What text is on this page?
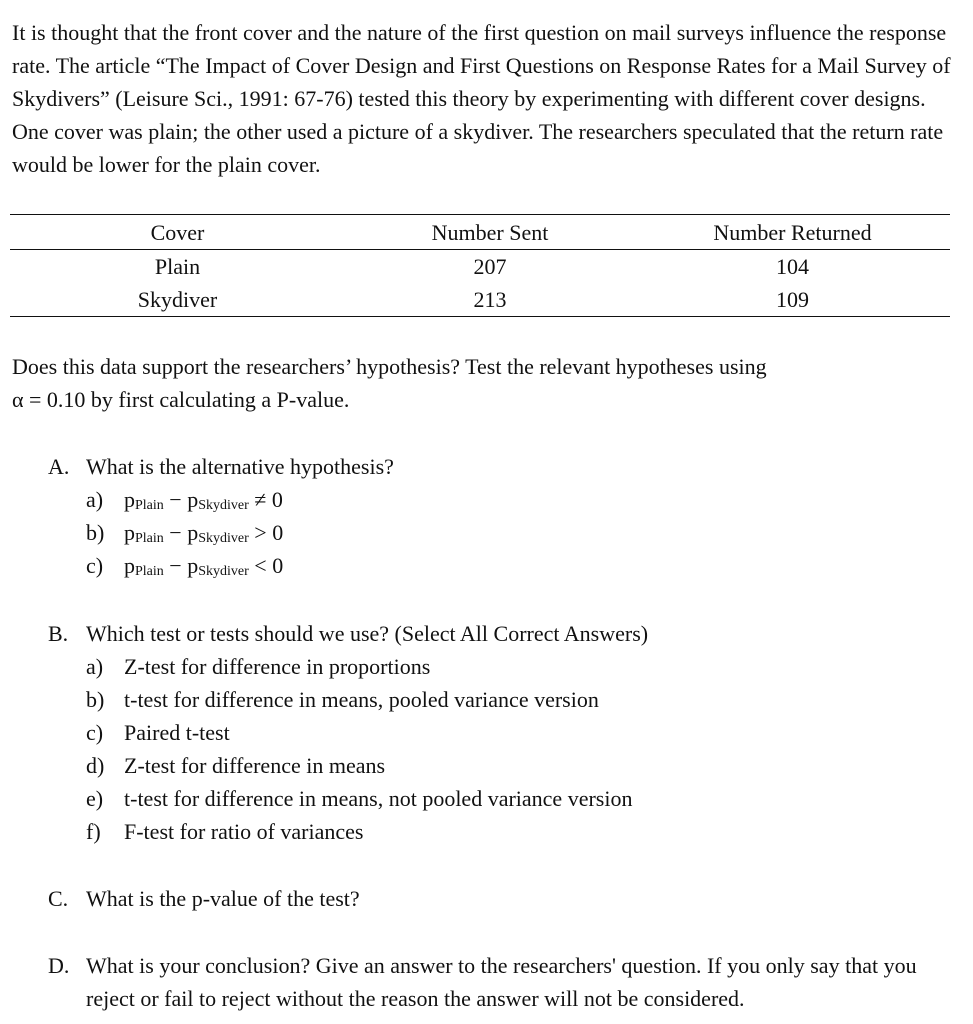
It is thought that the front cover and the nature of the first question on mail surveys influence the response rate. The article “The Impact of Cover Design and First Questions on Response Rates for a Mail Survey of Skydivers” (Leisure Sci., 1991: 67-76) tested this theory by experimenting with different cover designs. One cover was plain; the other used a picture of a skydiver. The researchers speculated that the return rate would be lower for the plain cover.

Cover	Number Sent	Number Returned
Plain	207	104
Skydiver	213	109
Does this data support the researchers’ hypothesis? Test the relevant hypotheses using
α = 0.10 by first calculating a P-value.
A. What is the alternative hypothesis?
a) pPlain − pSkydiver ≠ 0
b) pPlain − pSkydiver > 0
c) pPlain − pSkydiver < 0
B. Which test or tests should we use? (Select All Correct Answers)
a) Z-test for difference in proportions
b) t-test for difference in means, pooled variance version
c) Paired t-test
d) Z-test for difference in means
e) t-test for difference in means, not pooled variance version
f)	F-test for ratio of variances
C. What is the p-value of the test?
D. What is your conclusion? Give an answer to the researchers' question. If you only say that you reject or fail to reject without the reason the answer will not be considered.
